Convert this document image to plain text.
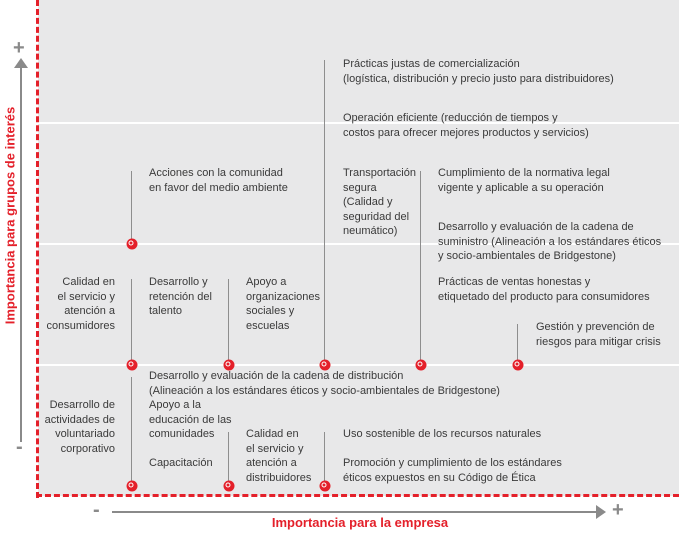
Prácticas justas de comercialización
(logística, distribución y precio justo para distribuidores)
Operación eficiente (reducción de tiempos y
costos para ofrecer mejores productos y servicios)
Acciones con la comunidad
en favor del medio ambiente
Transportación
segura
(Calidad y
seguridad del
neumático)
Cumplimiento de la normativa legal
vigente y aplicable a su operación
Desarrollo y evaluación de la cadena de
suministro (Alineación a los estándares éticos
y socio-ambientales de Bridgestone)
Calidad en
el servicio y
atención a
consumidores
Desarrollo y
retención del
talento
Apoyo a
organizaciones
sociales y
escuelas
Prácticas de ventas honestas y
etiquetado del producto para consumidores
Gestión y prevención de
riesgos para mitigar crisis
Desarrollo y evaluación de la cadena de distribución
(Alineación a los estándares éticos y socio-ambientales de Bridgestone)
Desarrollo de
actividades de
voluntariado
corporativo
Apoyo a la
educación de las
comunidades	Calidad en
el servicio y
atención a
distribuidores
Uso sostenible de los recursos naturales
Capacitación	Promoción y cumplimiento de los estándares
éticos expuestos en su Código de Ética
+
-
Importancia para grupos de interés
-	+
Importancia para la empresa
